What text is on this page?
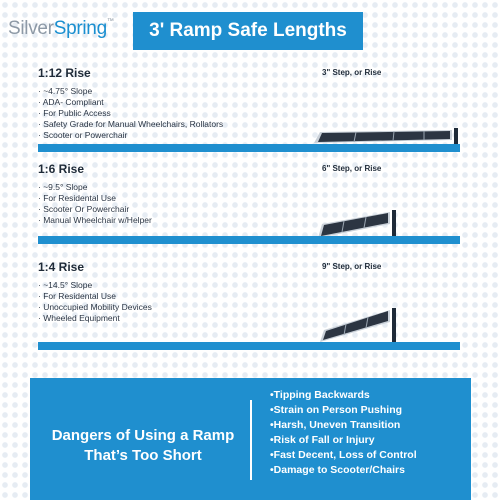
SilverSpring™ 3' Ramp Safe Lengths
1:12 Rise	3" Step, or Rise
· ~4.75° Slope
· ADA- Compliant
· For Public Access
· Safety Grade for Manual Wheelchairs, Rollators
· Scooter or Powerchair
1:6 Rise	6" Step, or Rise
· ~9.5° Slope
· For Residental Use
· Scooter Or Powerchair
· Manual Wheelchair w/Helper
1:4 Rise	9" Step, or Rise
· ~14.5° Slope
· For Residental Use
· Unoccupied Mobility Devices
· Wheeled Equipment
Dangers of Using a Ramp That’s Too Short
•Tipping Backwards
•Strain on Person Pushing
•Harsh, Uneven Transition
•Risk of Fall or Injury
•Fast Decent, Loss of Control
•Damage to Scooter/Chairs
